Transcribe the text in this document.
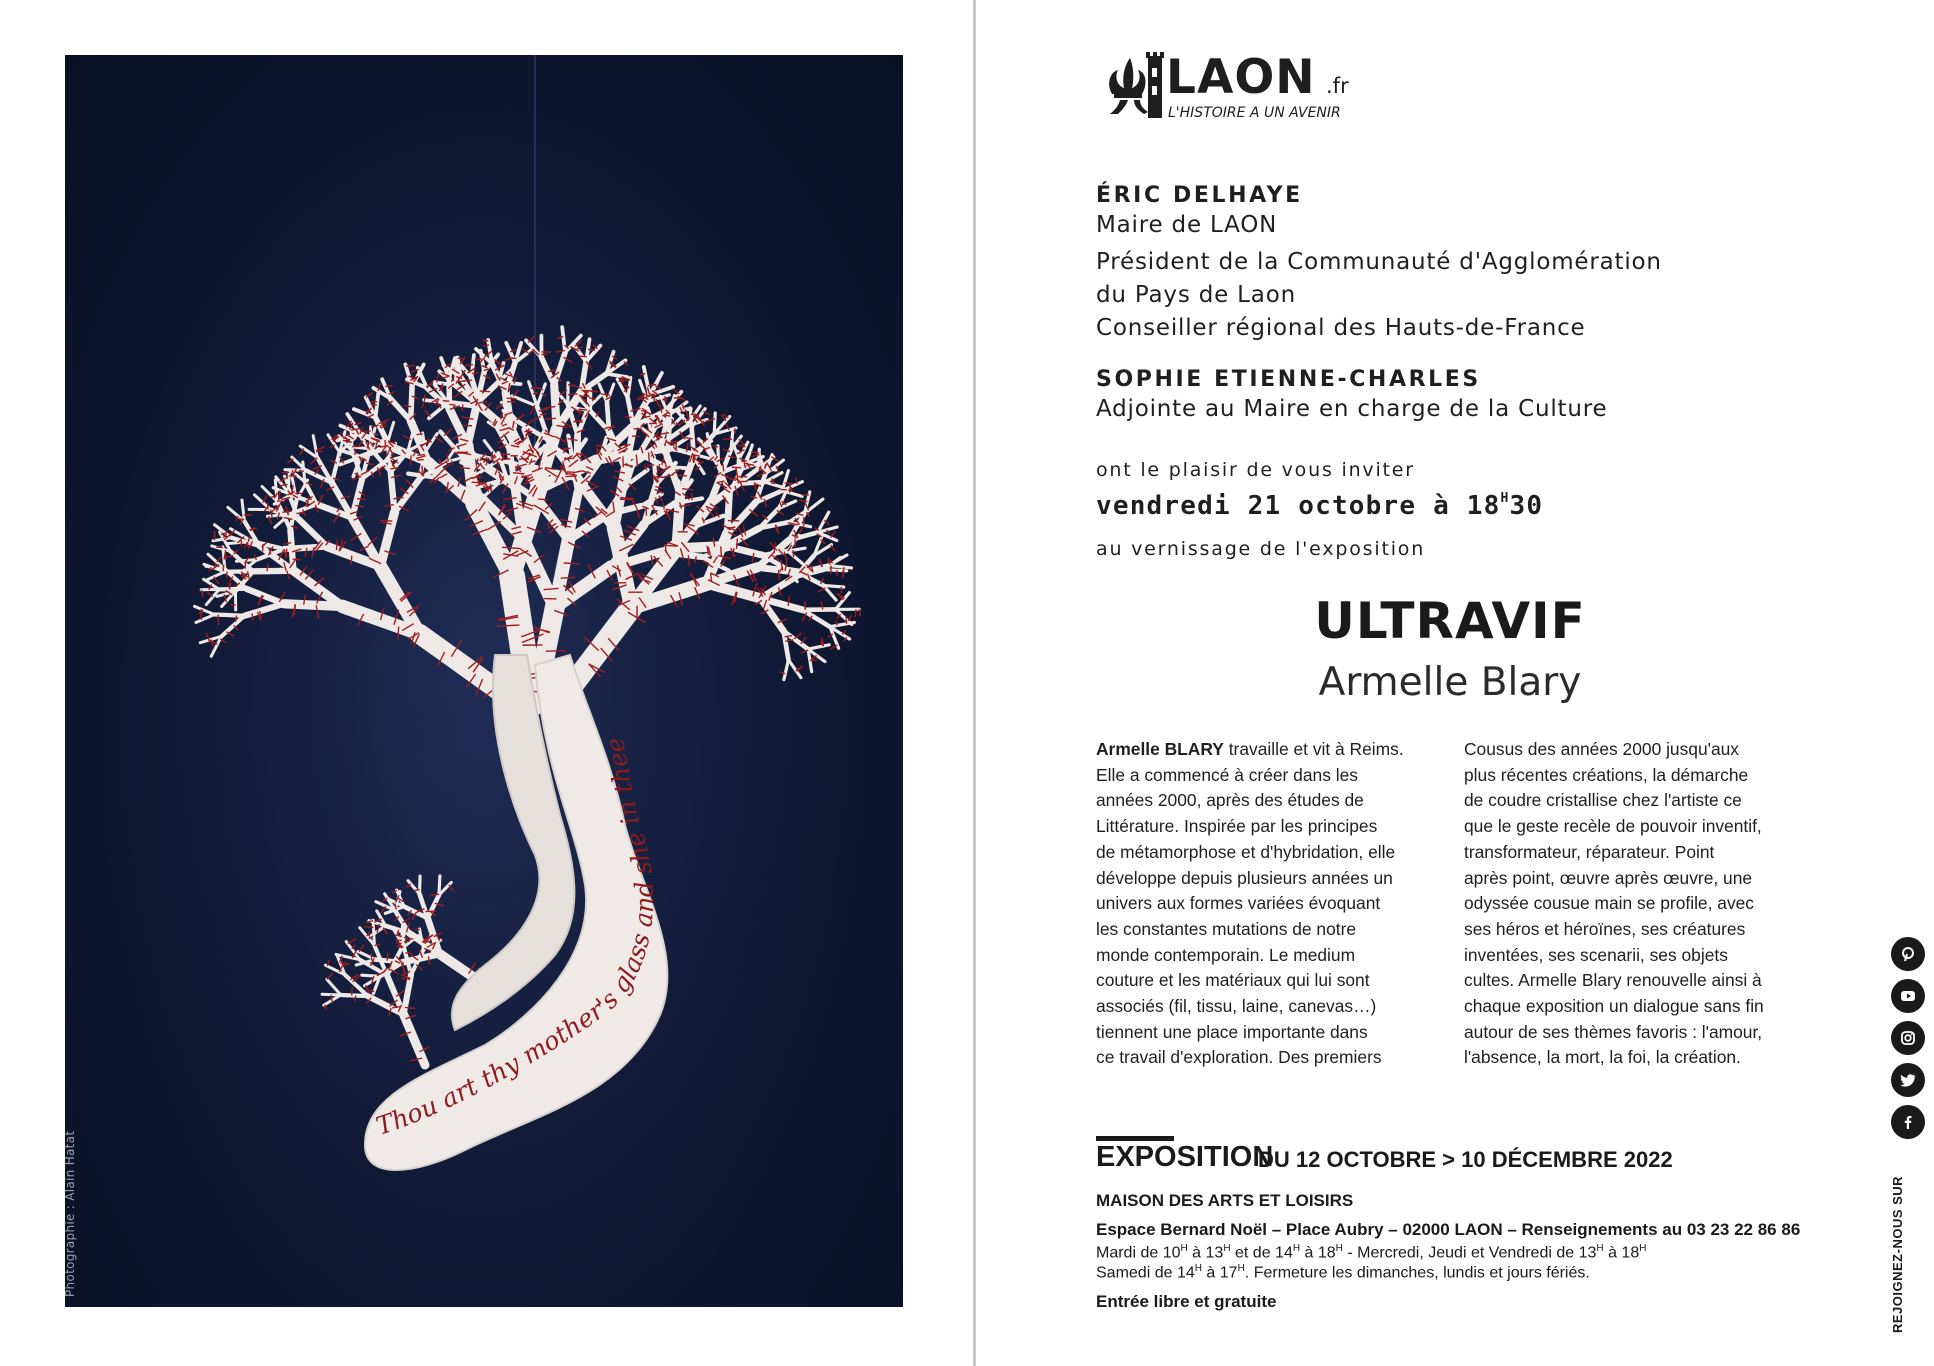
Thou art thy mother's glass and she in thee
Photographie : Alain Hatat
LAON .fr
L'HISTOIRE A UN AVENIR
ÉRIC DELHAYE
Maire de LAON
Président de la Communauté d'Agglomération
du Pays de Laon
Conseiller régional des Hauts-de-France
SOPHIE ETIENNE-CHARLES
Adjointe au Maire en charge de la Culture
ont le plaisir de vous inviter
vendredi 21 octobre à $18^H30$
au vernissage de l'exposition
ULTRAVIF
Armelle Blary
Armelle BLARY travaille et vit à Reims.
Elle a commencé à créer dans les
années 2000, après des études de
Littérature. Inspirée par les principes
de métamorphose et d'hybridation, elle
développe depuis plusieurs années un
univers aux formes variées évoquant
les constantes mutations de notre
monde contemporain. Le medium
couture et les matériaux qui lui sont
associés (fil, tissu, laine, canevas…)
tiennent une place importante dans
ce travail d'exploration. Des premiers
Cousus des années 2000 jusqu'aux
plus récentes créations, la démarche
de coudre cristallise chez l'artiste ce
que le geste recèle de pouvoir inventif,
transformateur, réparateur. Point
après point, œuvre après œuvre, une
odyssée cousue main se profile, avec
ses héros et héroïnes, ses créatures
inventées, ses scenarii, ses objets
cultes. Armelle Blary renouvelle ainsi à
chaque exposition un dialogue sans fin
autour de ses thèmes favoris : l'amour,
l'absence, la mort, la foi, la création.
EXPOSITION
DU 12 OCTOBRE > 10 DÉCEMBRE 2022
MAISON DES ARTS ET LOISIRS
Espace Bernard Noël – Place Aubry – 02000 LAON – Renseignements au 03 23 22 86 86
Mardi de $10^H$ à $13^H$ et de $14^H$ à $18^H$ - Mercredi, Jeudi et Vendredi de $13^H$ à $18^H$
Samedi de $14^H$ à $17^H$. Fermeture les dimanches, lundis et jours fériés.
Entrée libre et gratuite	REJOIGNEZ-NOUS SUR
